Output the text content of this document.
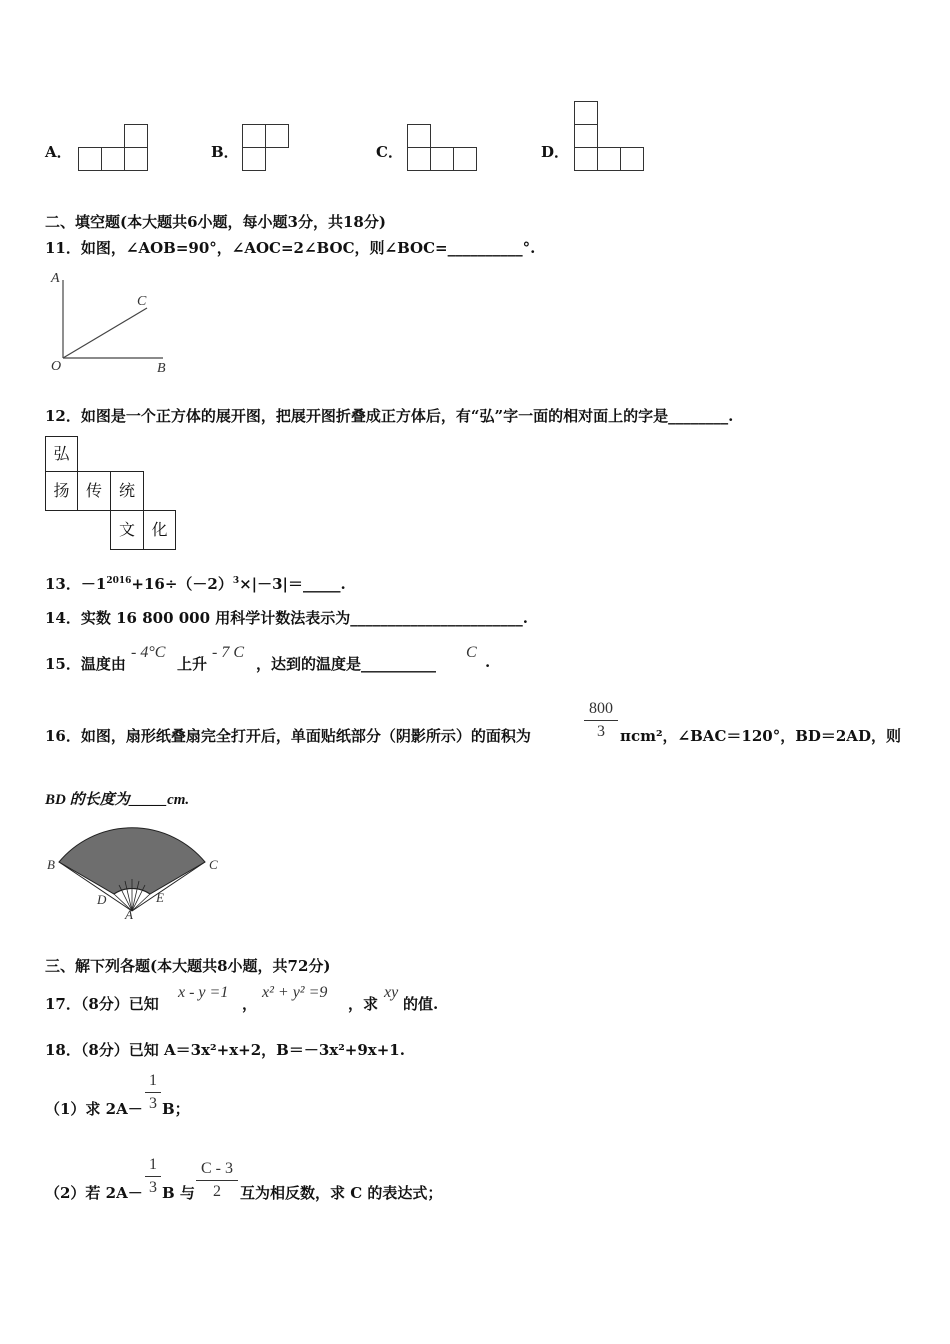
A．	B．	C．	D．
二、填空题(本大题共6小题，每小题3分，共18分)
11．如图，∠AOB=90°，∠AOC=2∠BOC，则∠BOC=__________°.
A
C
O	B
12．如图是一个正方体的展开图，把展开图折叠成正方体后，有“弘”字一面的相对面上的字是________.
弘
扬	传	统
文	化
13．$-1^{2016}+16\div(-2)^3\times|-3|=\_\_\_\_\_$.
14．实数 16 800 000 用科学计数法表示为_______________________.
15．温度由
- 4°C
上升
- 7 C
，达到的温度是__________
C
.
16．如图，扇形纸叠扇完全打开后，单面贴纸部分（阴影所示）的面积为
800
3	πcm²，∠BAC＝120°，BD＝2AD，则
BD 的长度为_____cm.
B	C
D	E
A
三、解下列各题(本大题共8小题，共72分)
17．（8分）已知
x - y =1
，
x² + y² =9
，求
xy
的值.
18．（8分）已知 A＝3x²+x+2，B＝－3x²+9x+1.
（1）求 2A－
1
3 B；
（2）若 2A－
1
3 B 与
C - 3
2	互为相反数，求 C 的表达式；
